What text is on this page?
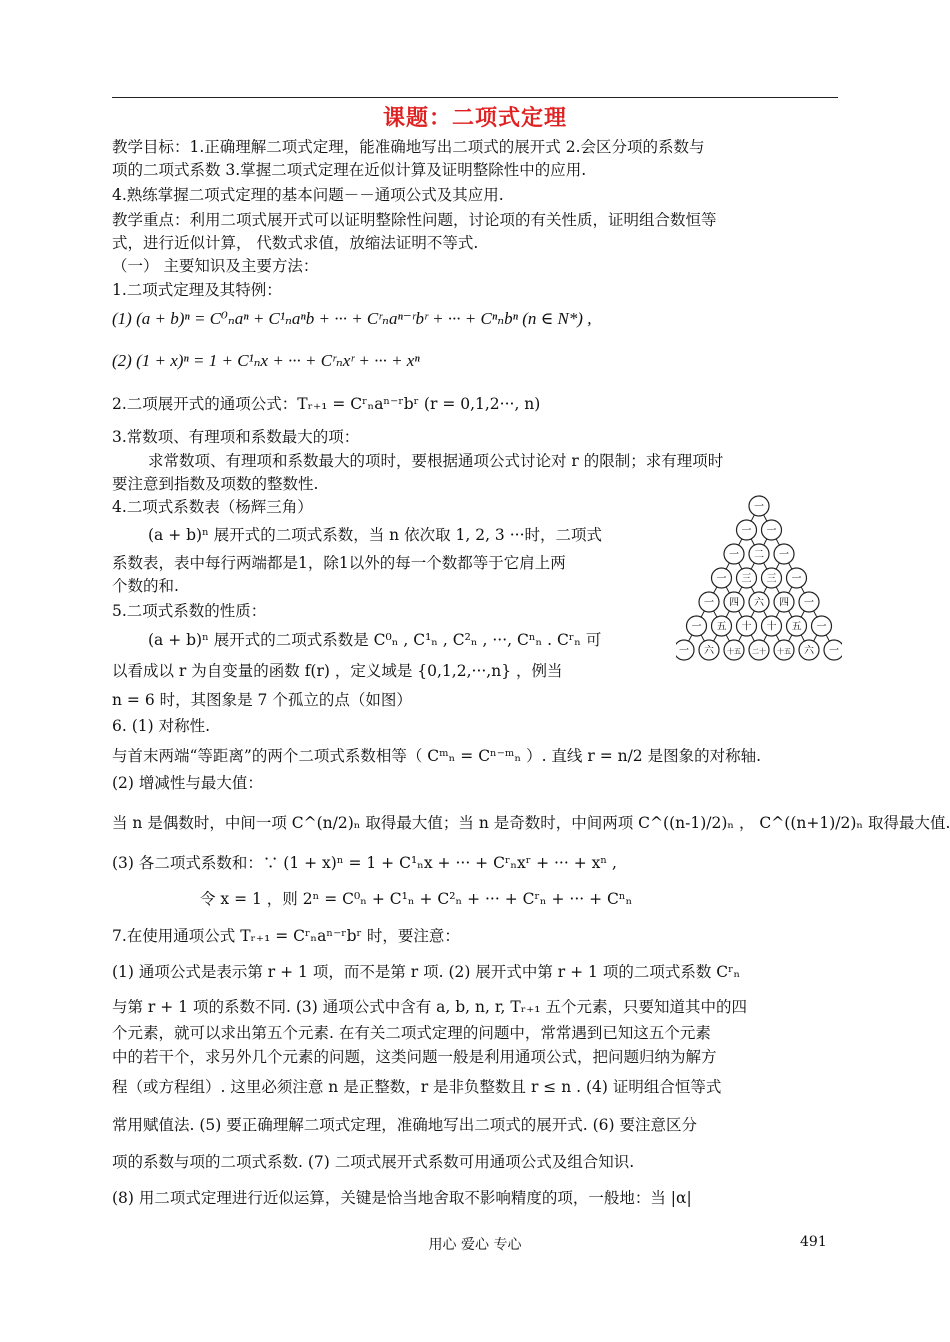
课题：二项式定理
教学目标：1.正确理解二项式定理，能准确地写出二项式的展开式 2.会区分项的系数与
项的二项式系数 3.掌握二项式定理在近似计算及证明整除性中的应用.
4.熟练掌握二项式定理的基本问题－－通项公式及其应用.
教学重点：利用二项式展开式可以证明整除性问题，讨论项的有关性质，证明组合数恒等
式，进行近似计算， 代数式求值，放缩法证明不等式.
（一） 主要知识及主要方法：
1.二项式定理及其特例：
(1) (a + b)ⁿ = C⁰ₙaⁿ + C¹ₙaⁿb + ··· + Cʳₙaⁿ⁻ʳbʳ + ··· + Cⁿₙbⁿ (n ∈ N*) ,
(2) (1 + x)ⁿ = 1 + C¹ₙx + ··· + Cʳₙxʳ + ··· + xⁿ
2.二项展开式的通项公式：Tᵣ₊₁ = Cʳₙaⁿ⁻ʳbʳ (r = 0,1,2···, n)
3.常数项、有理项和系数最大的项：
求常数项、有理项和系数最大的项时，要根据通项公式讨论对 r 的限制；求有理项时
要注意到指数及项数的整数性.
4.二项式系数表（杨辉三角）
(a + b)ⁿ 展开式的二项式系数，当 n 依次取 1, 2, 3 ···时，二项式
系数表，表中每行两端都是1，除1以外的每一个数都等于它肩上两
个数的和.
5.二项式系数的性质：
(a + b)ⁿ 展开式的二项式系数是 C⁰ₙ , C¹ₙ , C²ₙ , ···, Cⁿₙ . Cʳₙ 可
以看成以 r 为自变量的函数 f(r) ，定义域是 {0,1,2,···,n} ，例当
n = 6 时，其图象是 7 个孤立的点（如图）
6. (1) 对称性.
与首末两端“等距离”的两个二项式系数相等（ Cᵐₙ = Cⁿ⁻ᵐₙ ）. 直线 r = n/2 是图象的对称轴.
(2) 增减性与最大值：
当 n 是偶数时，中间一项 C^(n/2)ₙ 取得最大值；当 n 是奇数时，中间两项 C^((n-1)/2)ₙ ， C^((n+1)/2)ₙ 取得最大值.
(3) 各二项式系数和：∵ (1 + x)ⁿ = 1 + C¹ₙx + ··· + Cʳₙxʳ + ··· + xⁿ ,
令 x = 1 ，则 2ⁿ = C⁰ₙ + C¹ₙ + C²ₙ + ··· + Cʳₙ + ··· + Cⁿₙ
7.在使用通项公式 Tᵣ₊₁ = Cʳₙaⁿ⁻ʳbʳ 时，要注意：
(1) 通项公式是表示第 r + 1 项，而不是第 r 项. (2) 展开式中第 r + 1 项的二项式系数 Cʳₙ
与第 r + 1 项的系数不同. (3) 通项公式中含有 a, b, n, r, Tᵣ₊₁ 五个元素，只要知道其中的四
个元素，就可以求出第五个元素. 在有关二项式定理的问题中，常常遇到已知这五个元素
中的若干个，求另外几个元素的问题，这类问题一般是利用通项公式，把问题归纳为解方
程（或方程组）. 这里必须注意 n 是正整数，r 是非负整数且 r ≤ n . (4) 证明组合恒等式
常用赋值法. (5) 要正确理解二项式定理，准确地写出二项式的展开式. (6) 要注意区分
项的系数与项的二项式系数. (7) 二项式展开式系数可用通项公式及组合知识.
(8) 用二项式定理进行近似运算，关键是恰当地舍取不影响精度的项，一般地：当 |α|
一
一 一
一 二 一
一 三 三 一
一 四 六 四 一
一 五 十 十 五 一
一 六 十五 二十 十五 六 一
用心 爱心 专心	491
